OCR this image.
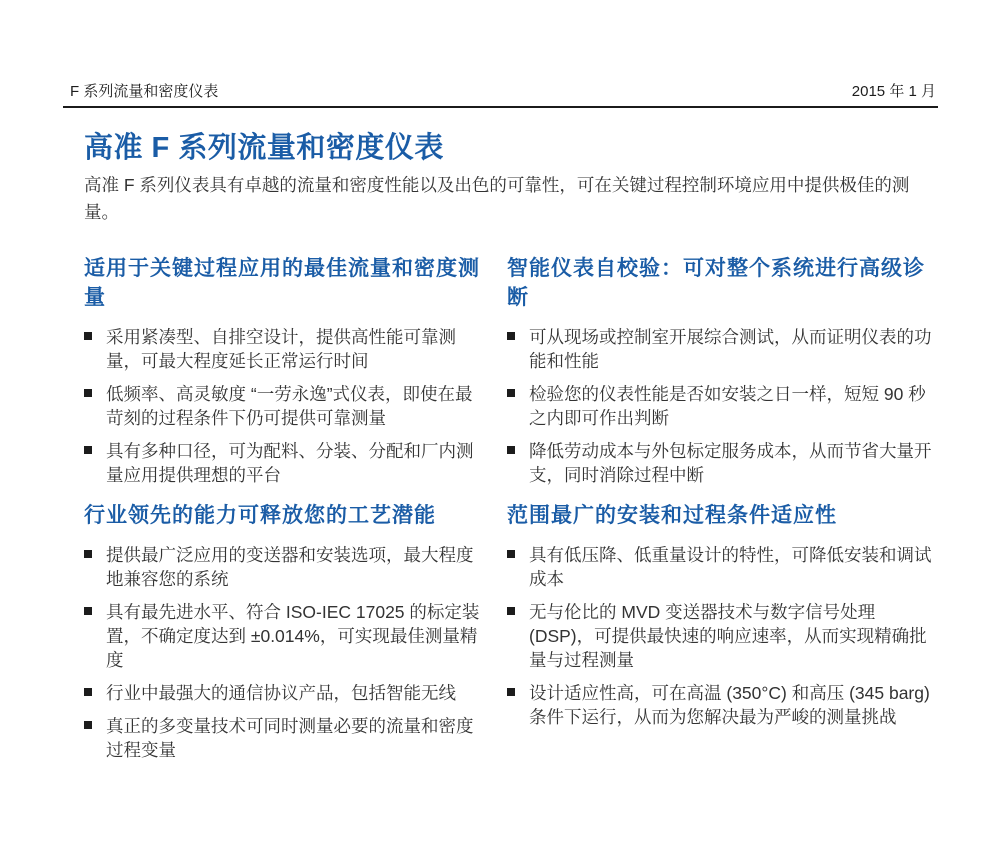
F 系列流量和密度仪表	2015 年 1 月
高准 F 系列流量和密度仪表

高准 F 系列仪表具有卓越的流量和密度性能以及出色的可靠性，可在关键过程控制环境应用中提供极佳的测量。

适用于关键过程应用的最佳流量和密度测量
采用紧凑型、自排空设计，提供高性能可靠测量，可最大程度延长正常运行时间
低频率、高灵敏度 “一劳永逸”式仪表，即使在最苛刻的过程条件下仍可提供可靠测量
具有多种口径，可为配料、分装、分配和厂内测量应用提供理想的平台
行业领先的能力可释放您的工艺潜能
提供最广泛应用的变送器和安装选项，最大程度地兼容您的系统
具有最先进水平、符合 ISO-IEC 17025 的标定装置，不确定度达到 ±0.014%，可实现最佳测量精度
行业中最强大的通信协议产品，包括智能无线
真正的多变量技术可同时测量必要的流量和密度过程变量
智能仪表自校验：可对整个系统进行高级诊断
可从现场或控制室开展综合测试，从而证明仪表的功能和性能
检验您的仪表性能是否如安装之日一样，短短 90 秒之内即可作出判断
降低劳动成本与外包标定服务成本，从而节省大量开支，同时消除过程中断
范围最广的安装和过程条件适应性
具有低压降、低重量设计的特性，可降低安装和调试成本
无与伦比的 MVD 变送器技术与数字信号处理 (DSP)，可提供最快速的响应速率，从而实现精确批量与过程测量
设计适应性高，可在高温 (350°C) 和高压 (345 barg) 条件下运行，从而为您解决最为严峻的测量挑战
